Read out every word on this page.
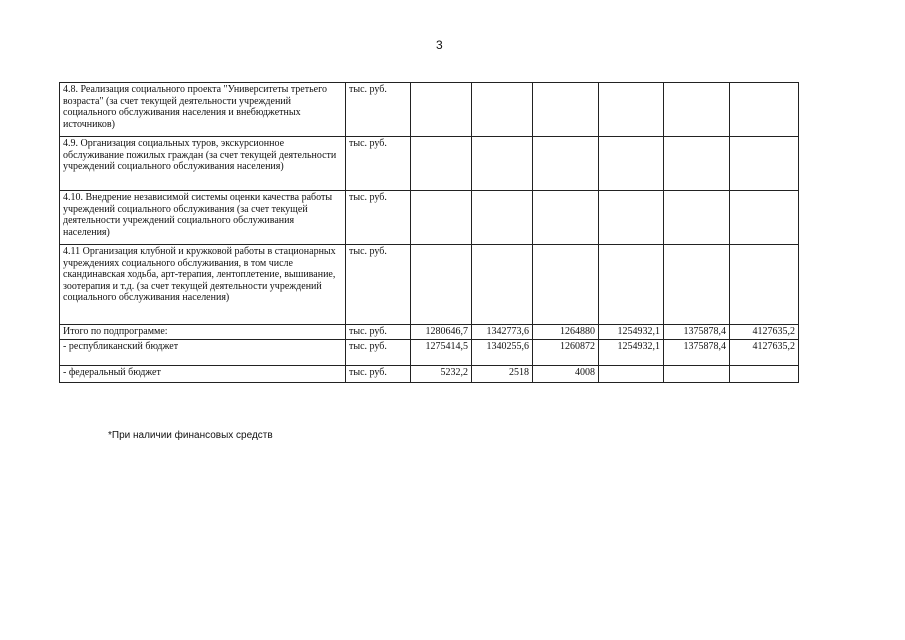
3
4.8. Реализация социального проекта "Университеты третьего возраста" (за счет текущей деятельности учреждений социального обслуживания населения и внебюджетных источников)	тыс. руб.						
4.9. Организация социальных туров, экскурсионное обслуживание пожилых граждан (за счет текущей деятельности учреждений социального обслуживания населения)	тыс. руб.						
4.10. Внедрение независимой системы оценки качества работы учреждений социального обслуживания (за счет текущей деятельности учреждений социального обслуживания населения)	тыс. руб.						
4.11 Организация клубной и кружковой работы в стационарных учреждениях социального обслуживания, в том числе скандинавская ходьба, арт-терапия, лентоплетение, вышивание, зоотерапия и т.д. (за счет текущей деятельности учреждений социального обслуживания населения)	тыс. руб.						
Итого по подпрограмме:	тыс. руб.	1280646,7	1342773,6	1264880	1254932,1	1375878,4	4127635,2
- республиканский бюджет	тыс. руб.	1275414,5	1340255,6	1260872	1254932,1	1375878,4	4127635,2
- федеральный бюджет	тыс. руб.	5232,2	2518	4008			
*При наличии финансовых средств
